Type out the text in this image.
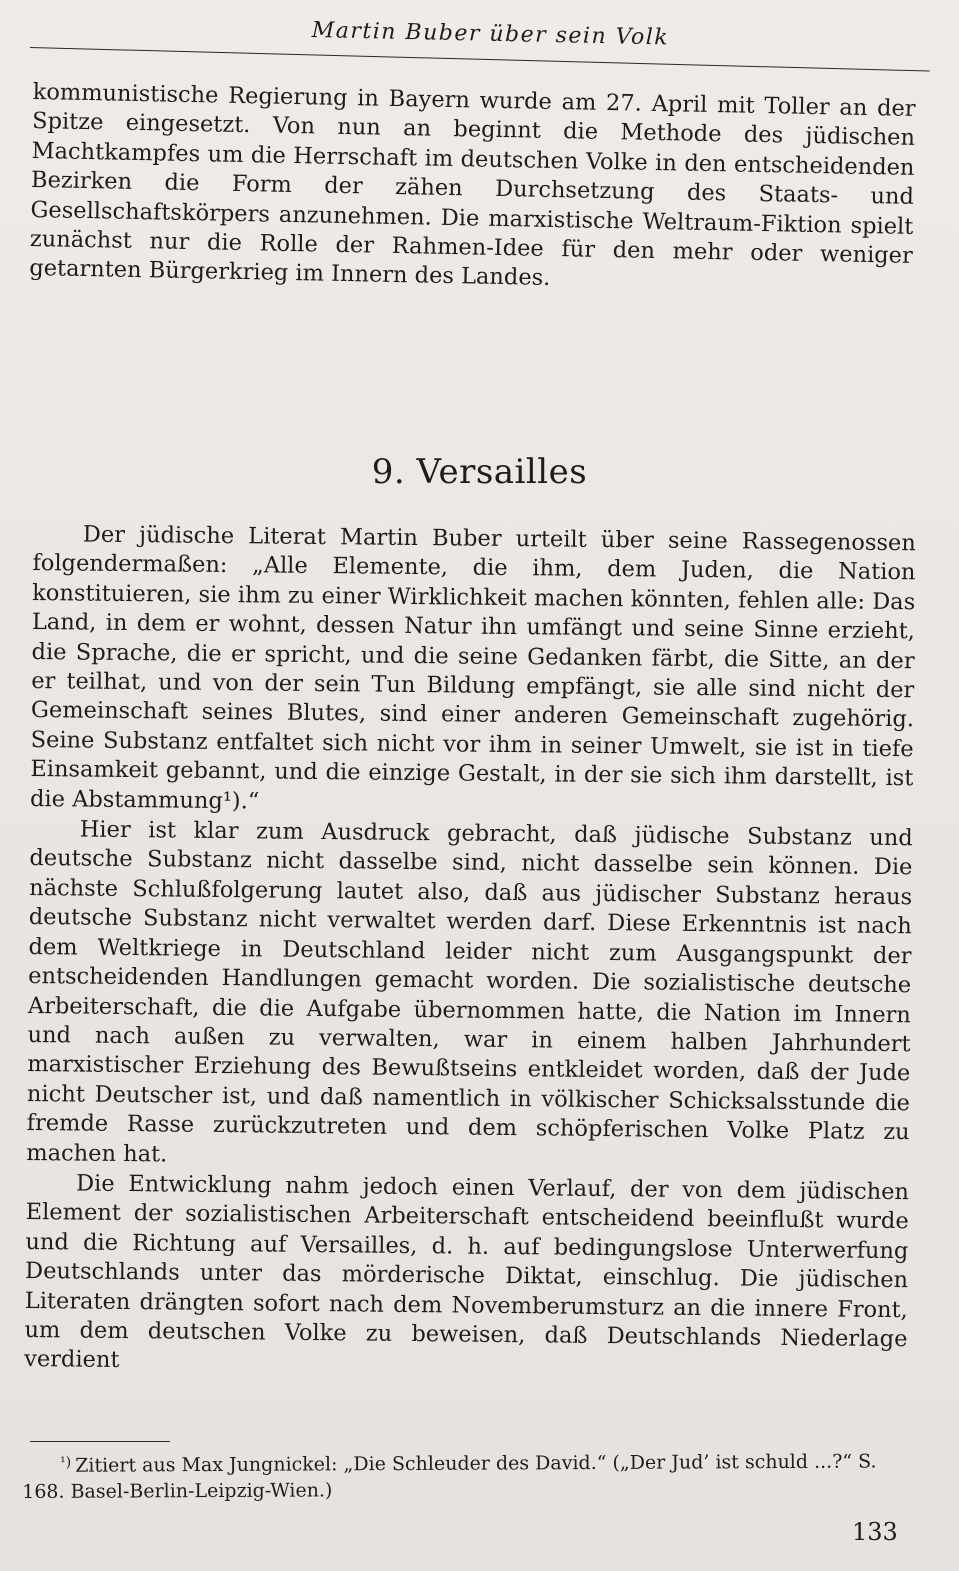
Martin Buber über sein Volk

kommunistische Regierung in Bayern wurde am 27. April mit Toller an der Spitze eingesetzt. Von nun an beginnt die Methode des jüdischen Machtkampfes um die Herrschaft im deutschen Volke in den entscheidenden Bezirken die Form der zähen Durchsetzung des Staats- und Gesellschaftskörpers anzunehmen. Die marxistische Weltraum-Fiktion spielt zunächst nur die Rolle der Rahmen-Idee für den mehr oder weniger getarnten Bürgerkrieg im Innern des Landes.

9. Versailles

Der jüdische Literat Martin Buber urteilt über seine Rassegenossen folgendermaßen: „Alle Elemente, die ihm, dem Juden, die Nation konstituieren, sie ihm zu einer Wirklichkeit machen könnten, fehlen alle: Das Land, in dem er wohnt, dessen Natur ihn umfängt und seine Sinne erzieht, die Sprache, die er spricht, und die seine Gedanken färbt, die Sitte, an der er teilhat, und von der sein Tun Bildung empfängt, sie alle sind nicht der Gemeinschaft seines Blutes, sind einer anderen Gemeinschaft zugehörig. Seine Substanz entfaltet sich nicht vor ihm in seiner Umwelt, sie ist in tiefe Einsamkeit gebannt, und die einzige Gestalt, in der sie sich ihm darstellt, ist die Abstammung¹).“

Hier ist klar zum Ausdruck gebracht, daß jüdische Substanz und deutsche Substanz nicht dasselbe sind, nicht dasselbe sein können. Die nächste Schlußfolgerung lautet also, daß aus jüdischer Substanz heraus deutsche Substanz nicht verwaltet werden darf. Diese Erkenntnis ist nach dem Weltkriege in Deutschland leider nicht zum Ausgangspunkt der entscheidenden Handlungen gemacht worden. Die sozialistische deutsche Arbeiterschaft, die die Aufgabe übernommen hatte, die Nation im Innern und nach außen zu verwalten, war in einem halben Jahrhundert marxistischer Erziehung des Bewußtseins entkleidet worden, daß der Jude nicht Deutscher ist, und daß namentlich in völkischer Schicksalsstunde die fremde Rasse zurückzutreten und dem schöpferischen Volke Platz zu machen hat.

Die Entwicklung nahm jedoch einen Verlauf, der von dem jüdischen Element der sozialistischen Arbeiterschaft entscheidend beeinflußt wurde und die Richtung auf Versailles, d. h. auf bedingungslose Unterwerfung Deutschlands unter das mörderische Diktat, einschlug. Die jüdischen Literaten drängten sofort nach dem Novemberumsturz an die innere Front, um dem deutschen Volke zu beweisen, daß Deutschlands Niederlage verdient

$^{^1)}$ Zitiert aus Max Jungnickel: „Die Schleuder des David.“ („Der Jud’ ist schuld ...?“ S. 168. Basel-Berlin-Leipzig-Wien.)
133
